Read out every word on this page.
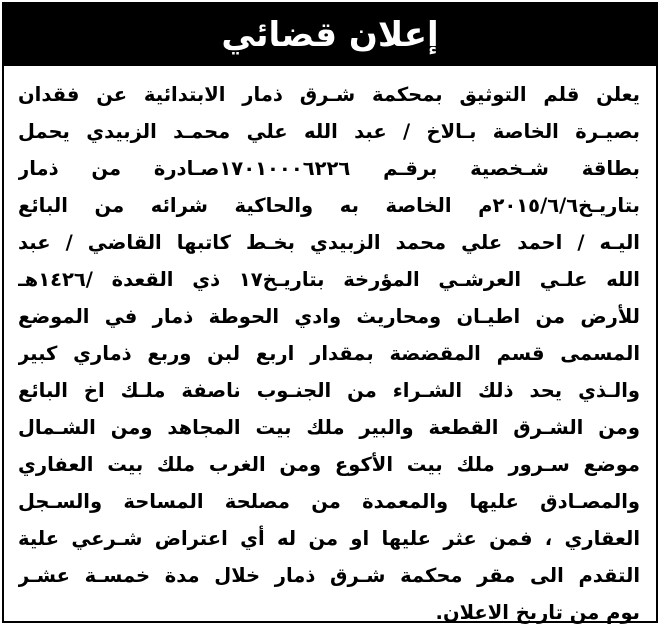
إعلان قضائي
يعلن قلم التوثيق بمحكمة شـرق ذمار الابتدائية عن فقدان
بصيـرة الخاصة بـالاخ / عبد الله علي محمـد الزبيدي يحمل
بطاقة شـخصية برقـم ١٧٠١٠٠٠٦٢٢٦صـادرة من ذمار
بتاريـخ٢٠١٥/٦/٦م الخاصة به والحاكية شرائه من البائع
اليـه / احمد علي محمد الزبيدي بخـط كاتبها القاضي / عبد
الله علـي العرشـي المؤرخة بتاريـخ١٧ ذي القعدة /١٤٢٦هـ
للأرض من اطيـان ومحاريث وادي الحوطة ذمار في الموضع
المسمى قسم المقضضة بمقدار اربع لبن وربع ذماري كبير
والـذي يحد ذلك الشـراء من الجنـوب ناصفة ملـك اخ البائع
ومن الشـرق القطعة والبير ملك بيت المجاهد ومن الشـمال
موضع سـرور ملك بيت الأكوع ومن الغرب ملك بيت العفاري
والمصـادق عليها والمعمدة من مصلحة المساحة والسـجل
العقاري ، فمن عثر عليها او من له أي اعتراض شـرعي علية
التقدم الى مقر محكمة شـرق ذمار خلال مدة خمسـة عشـر
يوم من تاريخ الاعلان.
